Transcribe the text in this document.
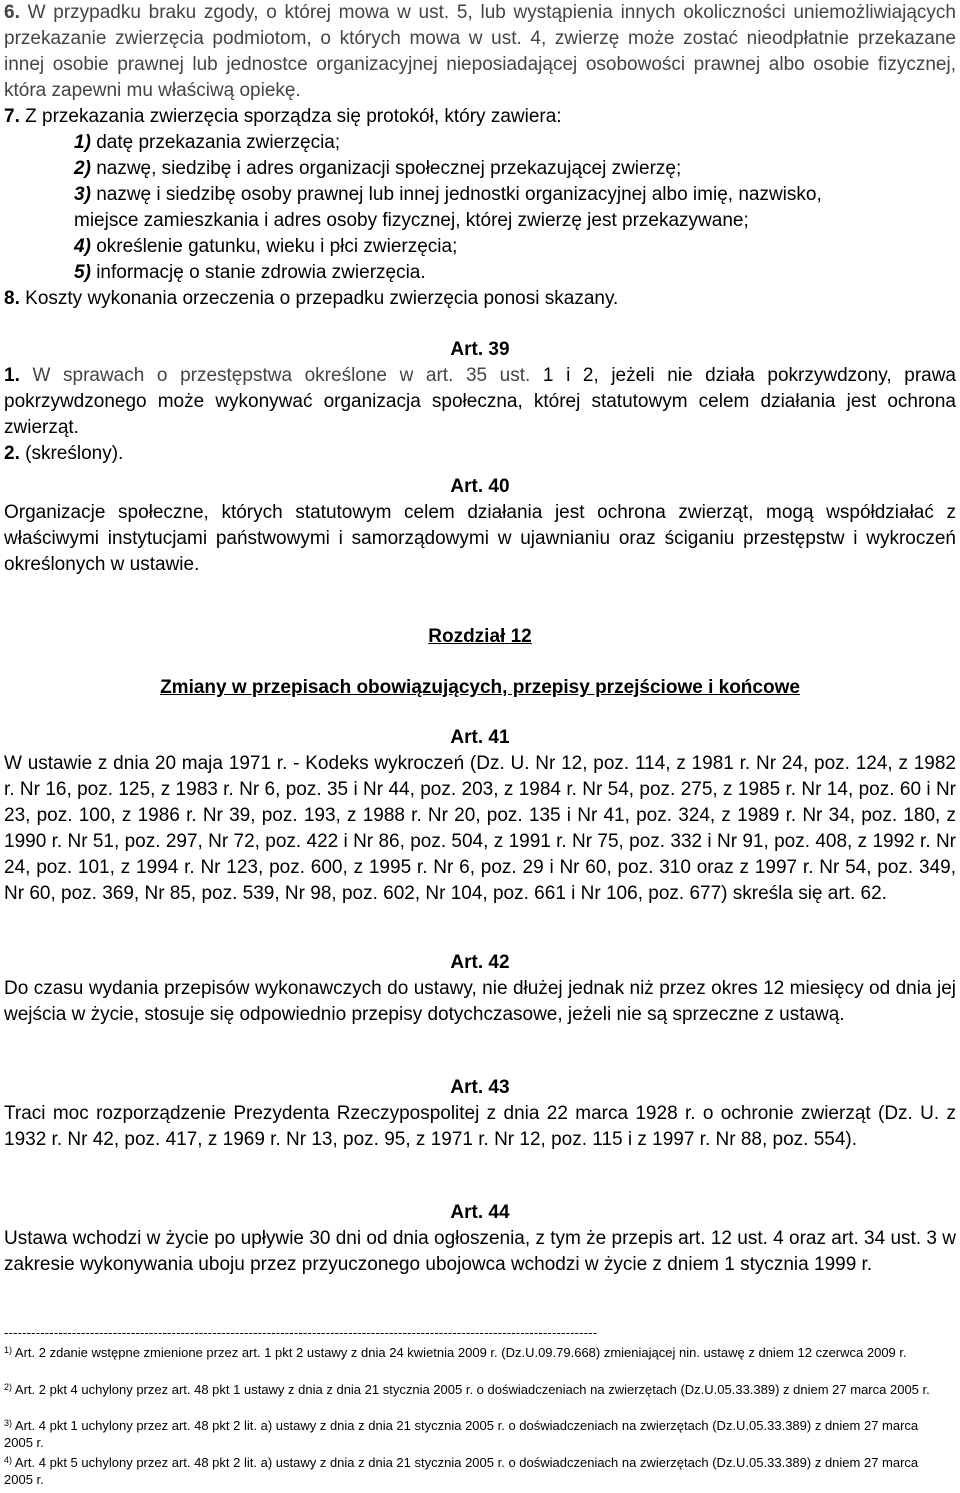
6. W przypadku braku zgody, o której mowa w ust. 5, lub wystąpienia innych okoliczności uniemożliwiających przekazanie zwierzęcia podmiotom, o których mowa w ust. 4, zwierzę może zostać nieodpłatnie przekazane innej osobie prawnej lub jednostce organizacyjnej nieposiadającej osobowości prawnej albo osobie fizycznej, która zapewni mu właściwą opiekę.

7. Z przekazania zwierzęcia sporządza się protokół, który zawiera:

1) datę przekazania zwierzęcia;
2) nazwę, siedzibę i adres organizacji społecznej przekazującej zwierzę;
3) nazwę i siedzibę osoby prawnej lub innej jednostki organizacyjnej albo imię, nazwisko,
miejsce zamieszkania i adres osoby fizycznej, której zwierzę jest przekazywane;
4) określenie gatunku, wieku i płci zwierzęcia;
5) informację o stanie zdrowia zwierzęcia.

8. Koszty wykonania orzeczenia o przepadku zwierzęcia ponosi skazany.

Art. 39

1. W sprawach o przestępstwa określone w art. 35 ust. 1 i 2, jeżeli nie działa pokrzywdzony, prawa pokrzywdzonego może wykonywać organizacja społeczna, której statutowym celem działania jest ochrona zwierząt.

2. (skreślony).

Art. 40

Organizacje społeczne, których statutowym celem działania jest ochrona zwierząt, mogą współdziałać z właściwymi instytucjami państwowymi i samorządowymi w ujawnianiu oraz ściganiu przestępstw i wykroczeń określonych w ustawie.

Rozdział 12
Zmiany w przepisach obowiązujących, przepisy przejściowe i końcowe
Art. 41

W ustawie z dnia 20 maja 1971 r. - Kodeks wykroczeń (Dz. U. Nr 12, poz. 114, z 1981 r. Nr 24, poz. 124, z 1982 r. Nr 16, poz. 125, z 1983 r. Nr 6, poz. 35 i Nr 44, poz. 203, z 1984 r. Nr 54, poz. 275, z 1985 r. Nr 14, poz. 60 i Nr 23, poz. 100, z 1986 r. Nr 39, poz. 193, z 1988 r. Nr 20, poz. 135 i Nr 41, poz. 324, z 1989 r. Nr 34, poz. 180, z 1990 r. Nr 51, poz. 297, Nr 72, poz. 422 i Nr 86, poz. 504, z 1991 r. Nr 75, poz. 332 i Nr 91, poz. 408, z 1992 r. Nr 24, poz. 101, z 1994 r. Nr 123, poz. 600, z 1995 r. Nr 6, poz. 29 i Nr 60, poz. 310 oraz z 1997 r. Nr 54, poz. 349, Nr 60, poz. 369, Nr 85, poz. 539, Nr 98, poz. 602, Nr 104, poz. 661 i Nr 106, poz. 677) skreśla się art. 62.

Art. 42

Do czasu wydania przepisów wykonawczych do ustawy, nie dłużej jednak niż przez okres 12 miesięcy od dnia jej wejścia w życie, stosuje się odpowiednio przepisy dotychczasowe, jeżeli nie są sprzeczne z ustawą.

Art. 43

Traci moc rozporządzenie Prezydenta Rzeczypospolitej z dnia 22 marca 1928 r. o ochronie zwierząt (Dz. U. z 1932 r. Nr 42, poz. 417, z 1969 r. Nr 13, poz. 95, z 1971 r. Nr 12, poz. 115 i z 1997 r. Nr 88, poz. 554).

Art. 44

Ustawa wchodzi w życie po upływie 30 dni od dnia ogłoszenia, z tym że przepis art. 12 ust. 4 oraz art. 34 ust. 3 w zakresie wykonywania uboju przez przyuczonego ubojowca wchodzi w życie z dniem 1 stycznia 1999 r.

-----------------------------------------------------------------------------------------------------------------------------------
$^{1)}$ Art. 2 zdanie wstępne zmienione przez art. 1 pkt 2 ustawy z dnia 24 kwietnia 2009 r. (Dz.U.09.79.668) zmieniającej nin. ustawę z dniem 12 czerwca 2009 r.
$^{2)}$ Art. 2 pkt 4 uchylony przez art. 48 pkt 1 ustawy z dnia z dnia 21 stycznia 2005 r. o doświadczeniach na zwierzętach (Dz.U.05.33.389) z dniem 27 marca 2005 r.
$^{3)}$ Art. 4 pkt 1 uchylony przez art. 48 pkt 2 lit. a) ustawy z dnia z dnia 21 stycznia 2005 r. o doświadczeniach na zwierzętach (Dz.U.05.33.389) z dniem 27 marca 2005 r.
$^{4)}$ Art. 4 pkt 5 uchylony przez art. 48 pkt 2 lit. a) ustawy z dnia z dnia 21 stycznia 2005 r. o doświadczeniach na zwierzętach (Dz.U.05.33.389) z dniem 27 marca 2005 r.
